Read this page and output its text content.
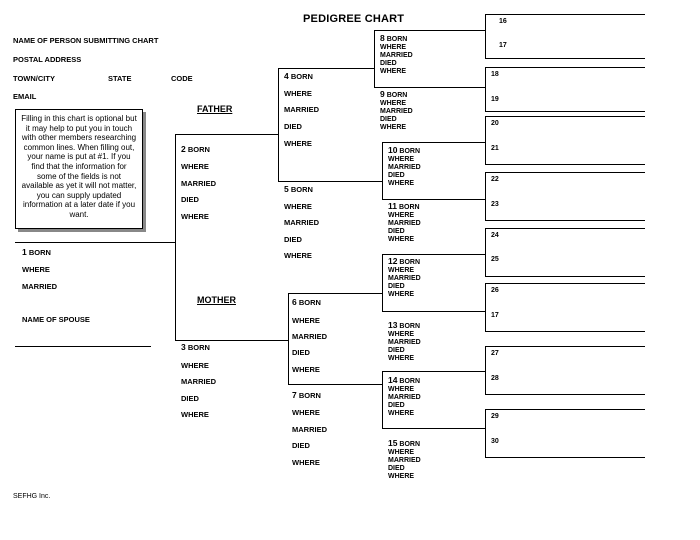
PEDIGREE CHART
NAME OF PERSON SUBMITTING CHART
POSTAL ADDRESS
TOWN/CITY	STATE	CODE
EMAIL
Filling in this chart is optional but it may help to put you in touch with other members researching common lines. When filling out, your name is put at #1. If you find that the information for some of the fields is not available as yet it will not matter, you can supply updated information at a later date if you want.
FATHER
MOTHER
NAME OF SPOUSE
1 BORN
WHERE
MARRIED
2 BORN
WHERE
MARRIED
DIED
WHERE
3 BORN
WHERE
MARRIED
DIED
WHERE
4 BORN
WHERE
MARRIED
DIED
WHERE
5 BORN
WHERE
MARRIED
DIED
WHERE
6 BORN
WHERE
MARRIED
DIED
WHERE
7 BORN
WHERE
MARRIED
DIED
WHERE
8 BORN
WHERE
MARRIED
DIED
WHERE
9 BORN
WHERE
MARRIED
DIED
WHERE
10 BORN
WHERE
MARRIED
DIED
WHERE
11 BORN
WHERE
MARRIED
DIED
WHERE
12 BORN
WHERE
MARRIED
DIED
WHERE
13 BORN
WHERE
MARRIED
DIED
WHERE
14 BORN
WHERE
MARRIED
DIED
WHERE
15 BORN
WHERE
MARRIED
DIED
WHERE
16
17
18
19
20
21
22
23
24
25
26
17
27
28
29
30
SEFHG Inc.
